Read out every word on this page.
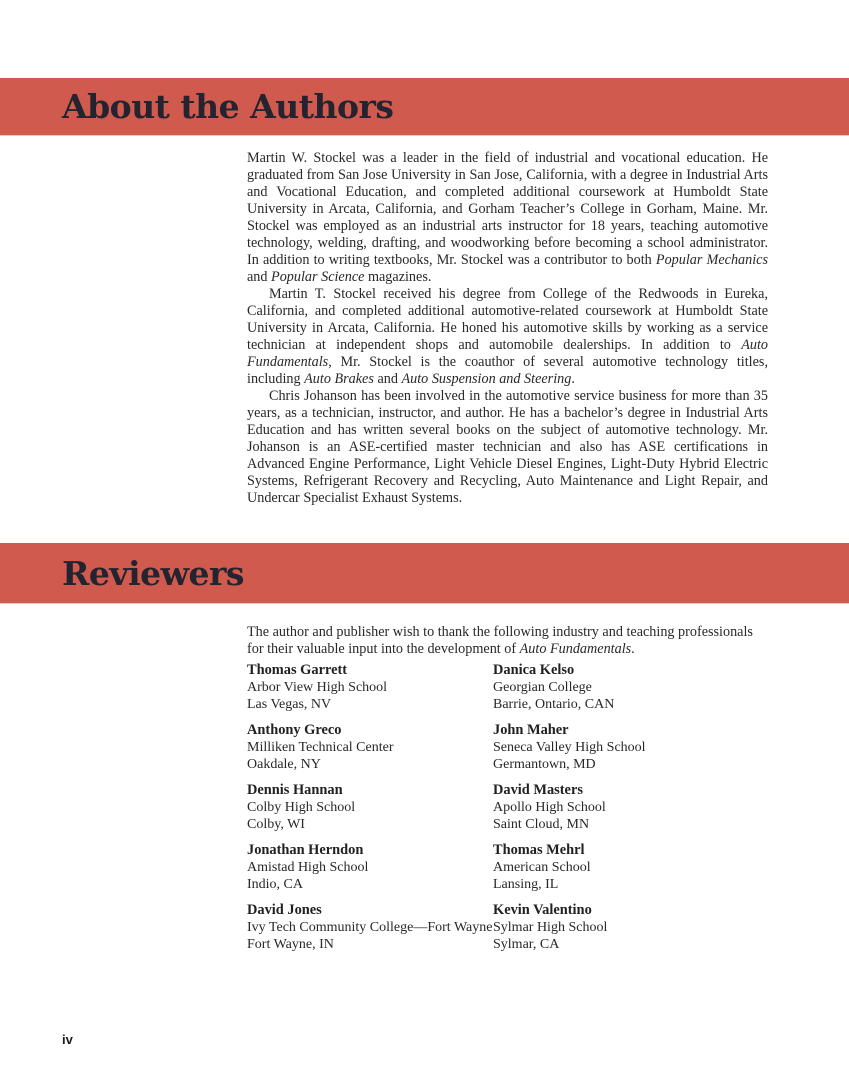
About the Authors

Martin W. Stockel was a leader in the field of industrial and vocational education. He graduated from San Jose University in San Jose, California, with a degree in Industrial Arts and Vocational Education, and completed additional coursework at Humboldt State University in Arcata, California, and Gorham Teacher’s College in Gorham, Maine. Mr. Stockel was employed as an industrial arts instructor for 18 years, teaching automotive technology, welding, drafting, and woodworking before becoming a school administrator. In addition to writing textbooks, Mr. Stockel was a contributor to both Popular Mechanics and Popular Science magazines.

Martin T. Stockel received his degree from College of the Redwoods in Eureka, California, and completed additional automotive-related coursework at Humboldt State University in Arcata, California. He honed his automotive skills by working as a service technician at independent shops and automobile dealerships. In addition to Auto Fundamentals, Mr. Stockel is the coauthor of several automotive technology titles, including Auto Brakes and Auto Suspension and Steering.

Chris Johanson has been involved in the automotive service business for more than 35 years, as a technician, instructor, and author. He has a bachelor’s degree in Industrial Arts Education and has written several books on the subject of automotive technology. Mr. Johanson is an ASE-certified master technician and also has ASE certifications in Advanced Engine Performance, Light Vehicle Diesel Engines, Light-Duty Hybrid Electric Systems, Refrigerant Recovery and Recycling, Auto Maintenance and Light Repair, and Undercar Specialist Exhaust Systems.

Reviewers
The author and publisher wish to thank the following industry and teaching professionals for their valuable input into the development of Auto Fundamentals.
Thomas Garrett
Arbor View High School
Las Vegas, NV
Anthony Greco
Milliken Technical Center
Oakdale, NY
Dennis Hannan
Colby High School
Colby, WI
Jonathan Herndon
Amistad High School
Indio, CA
David Jones
Ivy Tech Community College—Fort Wayne
Fort Wayne, IN
Danica Kelso
Georgian College
Barrie, Ontario, CAN
John Maher
Seneca Valley High School
Germantown, MD
David Masters
Apollo High School
Saint Cloud, MN
Thomas Mehrl
American School
Lansing, IL
Kevin Valentino
Sylmar High School
Sylmar, CA
iv
